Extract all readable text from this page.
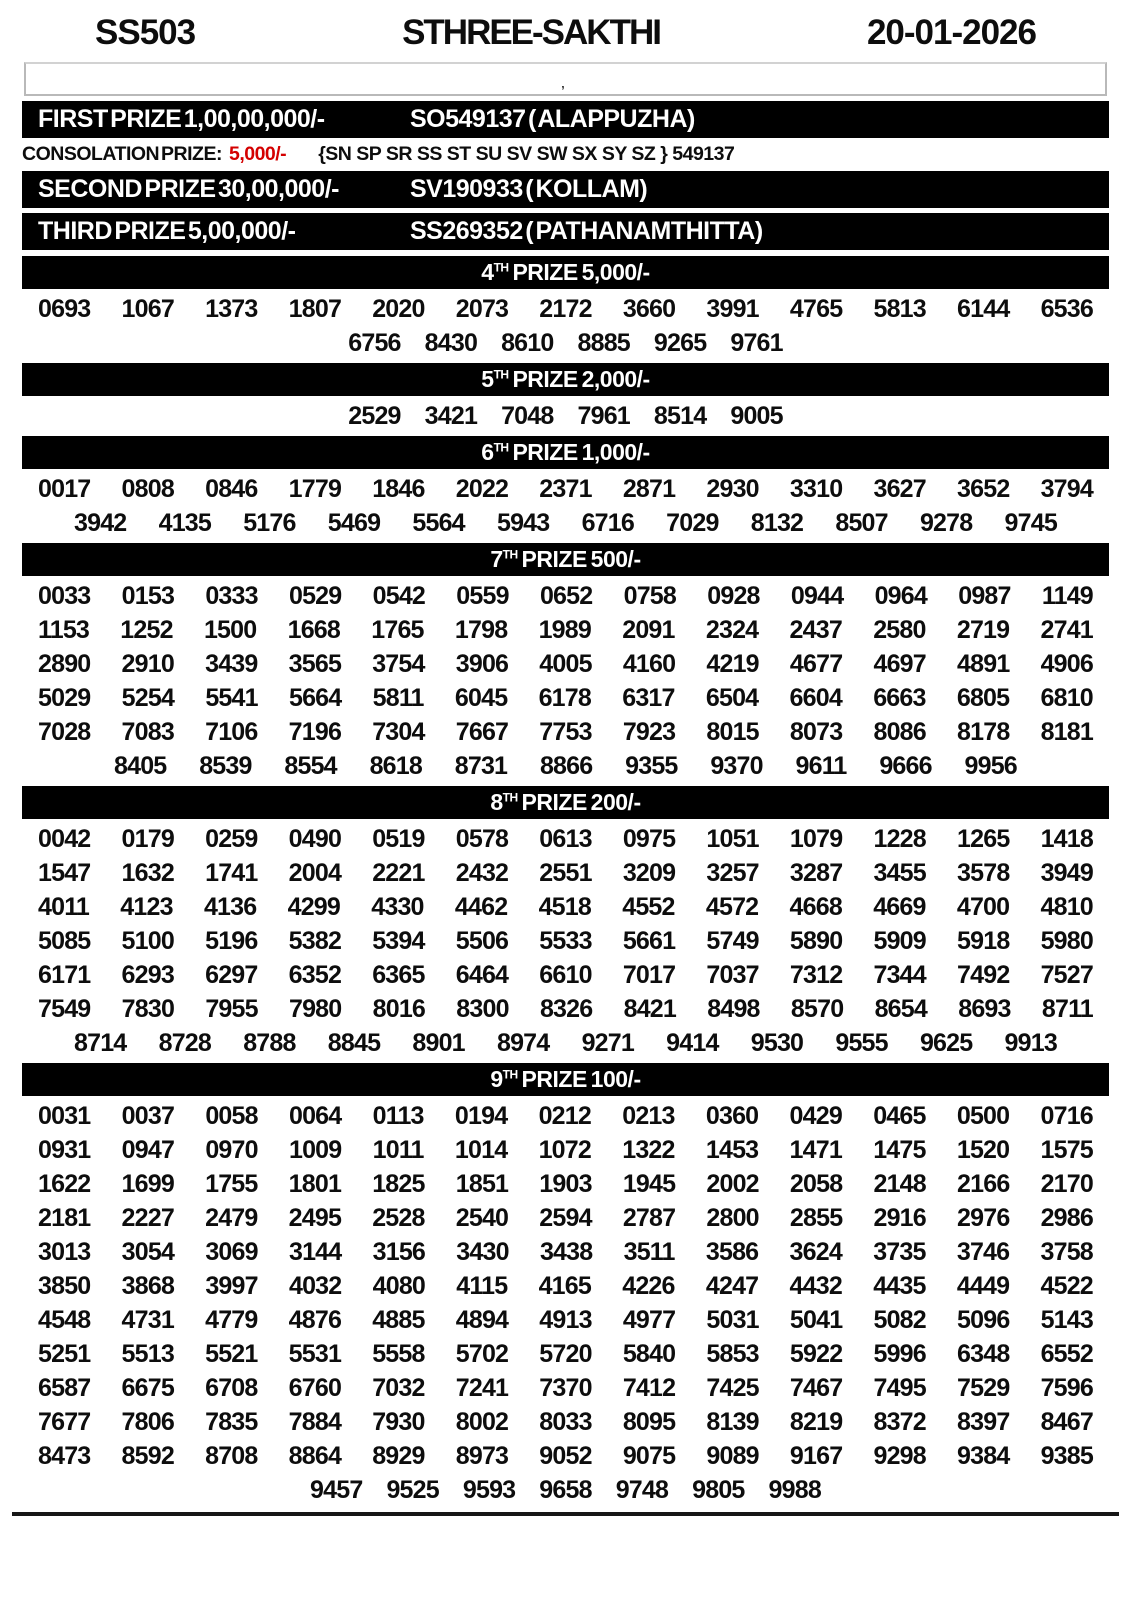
SS503	STHREE-SAKTHI	20-01-2026
’
FIRST PRIZE 1,00,00,000/-	SO549137 ( ALAPPUZHA)
CONSOLATION PRIZE: 5,000/- {SN SP SR SS ST SU SV SW SX SY SZ } 549137
SECOND PRIZE 30,00,000/-	SV190933 ( KOLLAM)
THIRD PRIZE 5,00,000/-	SS269352 ( PATHANAMTHITTA)
4TH PRIZE 5,000/-
0693 1067 1373 1807 2020 2073 2172 3660 3991 4765 5813 6144 6536
6756 8430 8610 8885 9265 9761
5TH PRIZE 2,000/-
2529 3421 7048 7961 8514 9005
6TH PRIZE 1,000/-
0017 0808 0846 1779 1846 2022 2371 2871 2930 3310 3627 3652 3794
3942 4135 5176 5469 5564 5943 6716 7029 8132 8507 9278 9745
7TH PRIZE 500/-
0033 0153 0333 0529 0542 0559 0652 0758 0928 0944 0964 0987 1149
1153 1252 1500 1668 1765 1798 1989 2091 2324 2437 2580 2719 2741
2890 2910 3439 3565 3754 3906 4005 4160 4219 4677 4697 4891 4906
5029 5254 5541 5664 5811 6045 6178 6317 6504 6604 6663 6805 6810
7028 7083 7106 7196 7304 7667 7753 7923 8015 8073 8086 8178 8181
8405 8539 8554 8618 8731 8866 9355 9370 9611 9666 9956
8TH PRIZE 200/-
0042 0179 0259 0490 0519 0578 0613 0975 1051 1079 1228 1265 1418
1547 1632 1741 2004 2221 2432 2551 3209 3257 3287 3455 3578 3949
4011 4123 4136 4299 4330 4462 4518 4552 4572 4668 4669 4700 4810
5085 5100 5196 5382 5394 5506 5533 5661 5749 5890 5909 5918 5980
6171 6293 6297 6352 6365 6464 6610 7017 7037 7312 7344 7492 7527
7549 7830 7955 7980 8016 8300 8326 8421 8498 8570 8654 8693 8711
8714 8728 8788 8845 8901 8974 9271 9414 9530 9555 9625 9913
9TH PRIZE 100/-
0031 0037 0058 0064 0113 0194 0212 0213 0360 0429 0465 0500 0716
0931 0947 0970 1009 1011 1014 1072 1322 1453 1471 1475 1520 1575
1622 1699 1755 1801 1825 1851 1903 1945 2002 2058 2148 2166 2170
2181 2227 2479 2495 2528 2540 2594 2787 2800 2855 2916 2976 2986
3013 3054 3069 3144 3156 3430 3438 3511 3586 3624 3735 3746 3758
3850 3868 3997 4032 4080 4115 4165 4226 4247 4432 4435 4449 4522
4548 4731 4779 4876 4885 4894 4913 4977 5031 5041 5082 5096 5143
5251 5513 5521 5531 5558 5702 5720 5840 5853 5922 5996 6348 6552
6587 6675 6708 6760 7032 7241 7370 7412 7425 7467 7495 7529 7596
7677 7806 7835 7884 7930 8002 8033 8095 8139 8219 8372 8397 8467
8473 8592 8708 8864 8929 8973 9052 9075 9089 9167 9298 9384 9385
9457 9525 9593 9658 9748 9805 9988
